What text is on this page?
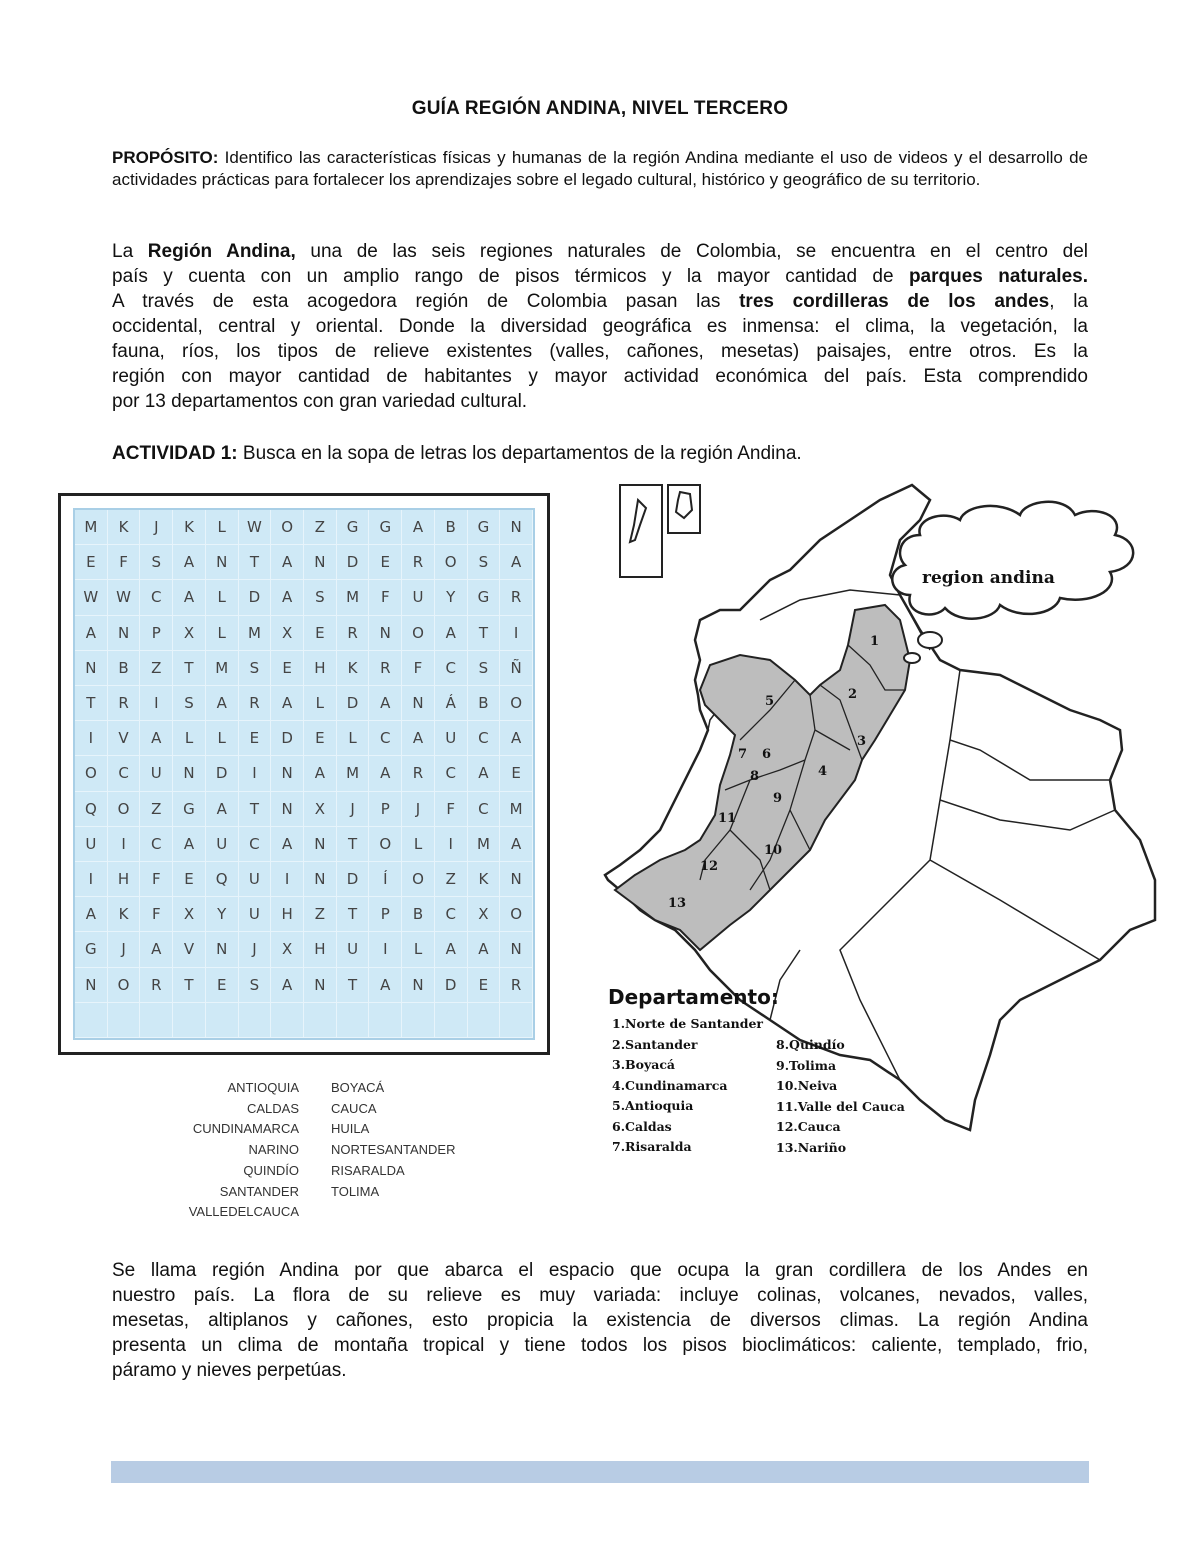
GUÍA REGIÓN ANDINA, NIVEL TERCERO
PROPÓSITO: Identifico las características físicas y humanas de la región Andina mediante el uso de videos y el desarrollo de actividades prácticas para fortalecer los aprendizajes sobre el legado cultural, histórico y geográfico de su territorio.
La Región Andina, una de las seis regiones naturales de Colombia, se encuentra en el centro del
país y cuenta con un amplio rango de pisos térmicos y la mayor cantidad de parques naturales.
A través de esta acogedora región de Colombia pasan las tres cordilleras de los andes, la
occidental, central y oriental. Donde la diversidad geográfica es inmensa: el clima, la vegetación, la
fauna, ríos, los tipos de relieve existentes (valles, cañones, mesetas) paisajes, entre otros. Es la
región con mayor cantidad de habitantes y mayor actividad económica del país. Esta comprendido
por 13 departamentos con gran variedad cultural.
ACTIVIDAD 1: Busca en la sopa de letras los departamentos de la región Andina.
M	K	J	K	L	W	O	Z	G	G	A	B	G	N
E	F	S	A	N	T	A	N	D	E	R	O	S	A
W	W	C	A	L	D	A	S	M	F	U	Y	G	R
A	N	P	X	L	M	X	E	R	N	O	A	T	I
N	B	Z	T	M	S	E	H	K	R	F	C	S	Ñ
T	R	I	S	A	R	A	L	D	A	N	Á	B	O
I	V	A	L	L	E	D	E	L	C	A	U	C	A
O	C	U	N	D	I	N	A	M	A	R	C	A	E
Q	O	Z	G	A	T	N	X	J	P	J	F	C	M
U	I	C	A	U	C	A	N	T	O	L	I	M	A
I	H	F	E	Q	U	I	N	D	Í	O	Z	K	N
A	K	F	X	Y	U	H	Z	T	P	B	C	X	O
G	J	A	V	N	J	X	H	U	I	L	A	A	N
N	O	R	T	E	S	A	N	T	A	N	D	E	R
ANTIOQUIA
CALDAS
CUNDINAMARCA
NARINO
QUINDÍO
SANTANDER
VALLEDELCAUCA
BOYACÁ
CAUCA
HUILA
NORTESANTANDER
RISARALDA
TOLIMA
1
2
3
4
5
6
7
8
9
10
11
12
13
region andina
Departamento:
1.Norte de Santander
2.Santander
3.Boyacá
4.Cundinamarca
5.Antioquia
6.Caldas
7.Risaralda
8.Quindío
9.Tolima
10.Neiva
11.Valle del Cauca
12.Cauca
13.Nariño
Se llama región Andina por que abarca el espacio que ocupa la gran cordillera de los Andes en
nuestro país. La flora de su relieve es muy variada: incluye colinas, volcanes, nevados, valles,
mesetas, altiplanos y cañones, esto propicia la existencia de diversos climas. La región Andina
presenta un clima de montaña tropical y tiene todos los pisos bioclimáticos: caliente, templado, frio,
páramo y nieves perpetúas.
